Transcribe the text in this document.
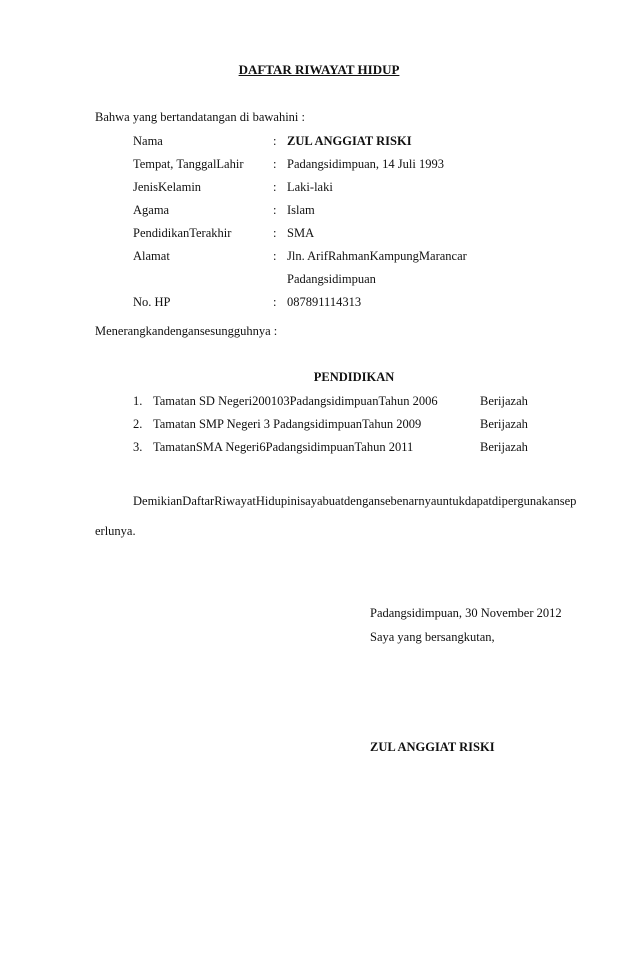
DAFTAR RIWAYAT HIDUP
Bahwa yang bertandatangan di bawahini :
Nama	: ZUL ANGGIAT RISKI
Tempat, TanggalLahir : Padangsidimpuan, 14 Juli 1993
JenisKelamin	: Laki-laki
Agama	: Islam
PendidikanTerakhir	: SMA
Alamat	: Jln. ArifRahmanKampungMarancar
Padangsidimpuan
No. HP	: 087891114313
Menerangkandengansesungguhnya :
PENDIDIKAN
1. Tamatan SD Negeri200103PadangsidimpuanTahun 2006	Berijazah
2. Tamatan SMP Negeri 3 PadangsidimpuanTahun 2009	Berijazah
3. TamatanSMA Negeri6PadangsidimpuanTahun 2011	Berijazah
DemikianDaftarRiwayatHidupinisayabuatdengansebenarnyauntukdapatdipergunakansep
erlunya.
Padangsidimpuan, 30 November 2012
Saya yang bersangkutan,
ZUL ANGGIAT RISKI
